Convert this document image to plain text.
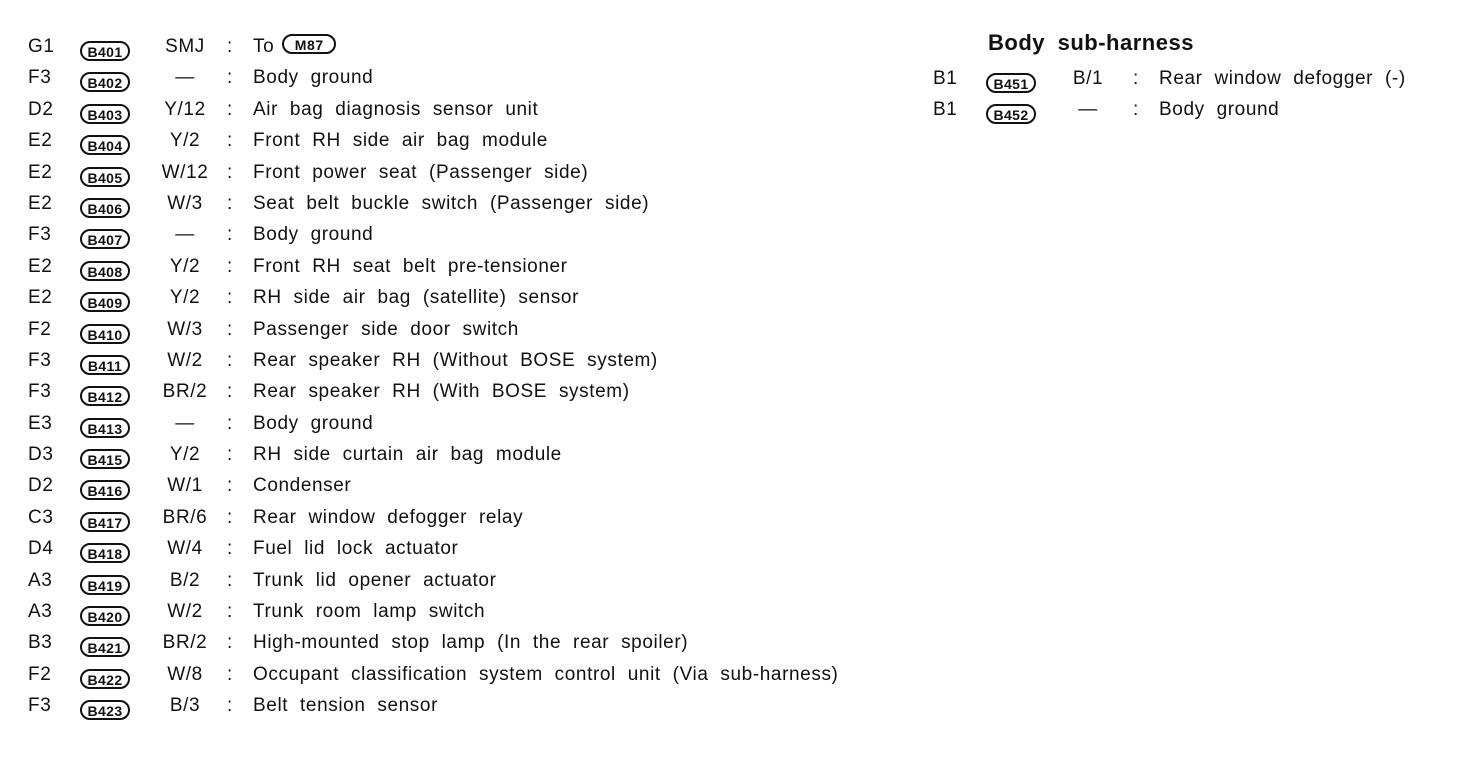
G1	B401	SMJ	: To M87
F3	B402	—	: Body ground
D2	B403	Y/12	: Air bag diagnosis sensor unit
E2	B404	Y/2	: Front RH side air bag module
E2	B405	W/12 : Front power seat (Passenger side)
E2	B406	W/3	: Seat belt buckle switch (Passenger side)
F3	B407	—	: Body ground
E2	B408	Y/2	: Front RH seat belt pre-tensioner
E2	B409	Y/2	: RH side air bag (satellite) sensor
F2	B410	W/3	: Passenger side door switch
F3	B411	W/2	: Rear speaker RH (Without BOSE system)
F3	B412	BR/2	: Rear speaker RH (With BOSE system)
E3	B413	—	: Body ground
D3	B415	Y/2	: RH side curtain air bag module
D2	B416	W/1	: Condenser
C3	B417	BR/6	: Rear window defogger relay
D4	B418	W/4	: Fuel lid lock actuator
A3	B419	B/2	: Trunk lid opener actuator
A3	B420	W/2	: Trunk room lamp switch
B3	B421	BR/2	: High-mounted stop lamp (In the rear spoiler)
F2	B422	W/8	: Occupant classification system control unit (Via sub-harness)
F3	B423	B/3	: Belt tension sensor
Body sub-harness
B1	B451	B/1	: Rear window defogger (-)
B1	B452	—	: Body ground
